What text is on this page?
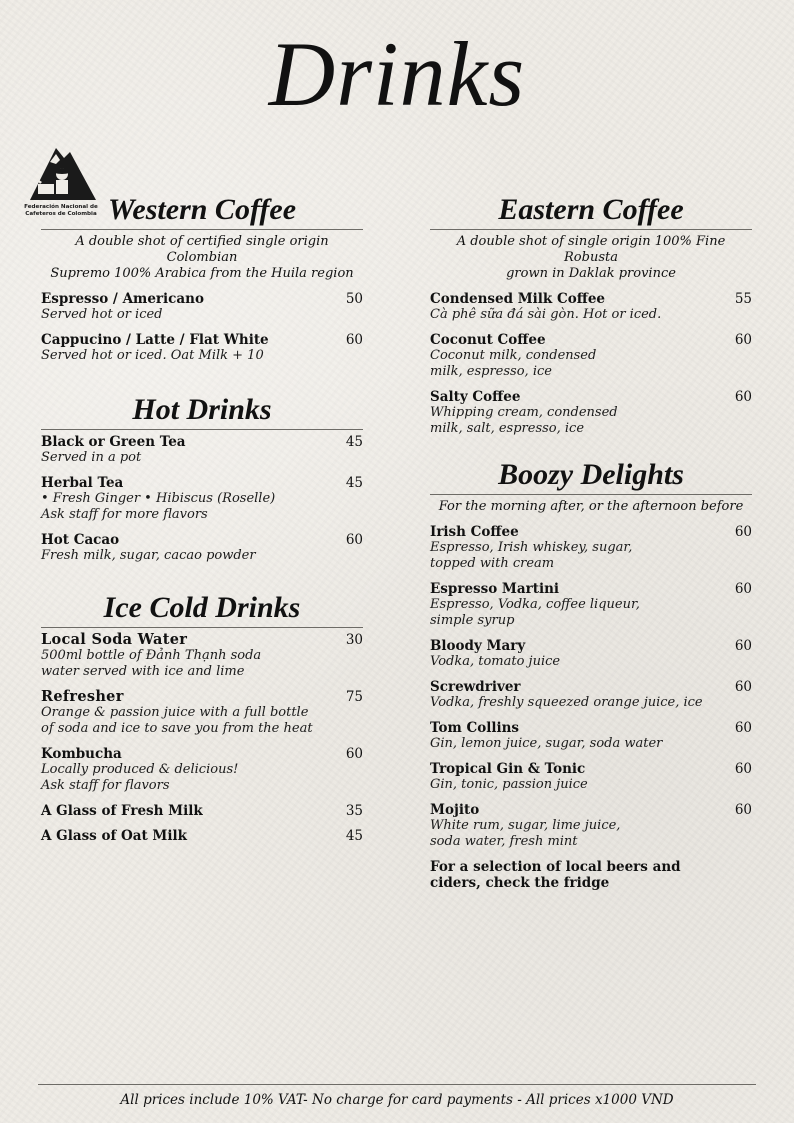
Drinks
Federación Nacional de
Cafeteros de Colombia Western Coffee
A double shot of certified single origin Colombian
Supremo 100% Arabica from the Huila region
Espresso / Americano	50
Served hot or iced
Cappucino / Latte / Flat White	60
Served hot or iced. Oat Milk + 10
Hot Drinks
Black or Green Tea	45
Served in a pot
Herbal Tea	45
• Fresh Ginger • Hibiscus (Roselle)
Ask staff for more flavors
Hot Cacao	60
Fresh milk, sugar, cacao powder
Ice Cold Drinks
Local Soda Water	30
500ml bottle of Đảnh Thạnh soda
water served with ice and lime
Refresher	75
Orange & passion juice with a full bottle
of soda and ice to save you from the heat
Kombucha	60
Locally produced & delicious!
Ask staff for flavors
A Glass of Fresh Milk	35
A Glass of Oat Milk	45
Eastern Coffee
A double shot of single origin 100% Fine Robusta
grown in Daklak province
Condensed Milk Coffee	55
Cà phê sữa đá sài gòn. Hot or iced.
Coconut Coffee	60
Coconut milk, condensed
milk, espresso, ice
Salty Coffee	60
Whipping cream, condensed
milk, salt, espresso, ice
Boozy Delights
For the morning after, or the afternoon before
Irish Coffee	60
Espresso, Irish whiskey, sugar,
topped with cream
Espresso Martini	60
Espresso, Vodka, coffee liqueur,
simple syrup
Bloody Mary	60
Vodka, tomato juice
Screwdriver	60
Vodka, freshly squeezed orange juice, ice
Tom Collins	60
Gin, lemon juice, sugar, soda water
Tropical Gin & Tonic	60
Gin, tonic, passion juice
Mojito	60
White rum, sugar, lime juice,
soda water, fresh mint
For a selection of local beers and
ciders, check the fridge
All prices include 10% VAT- No charge for card payments - All prices x1000 VND
